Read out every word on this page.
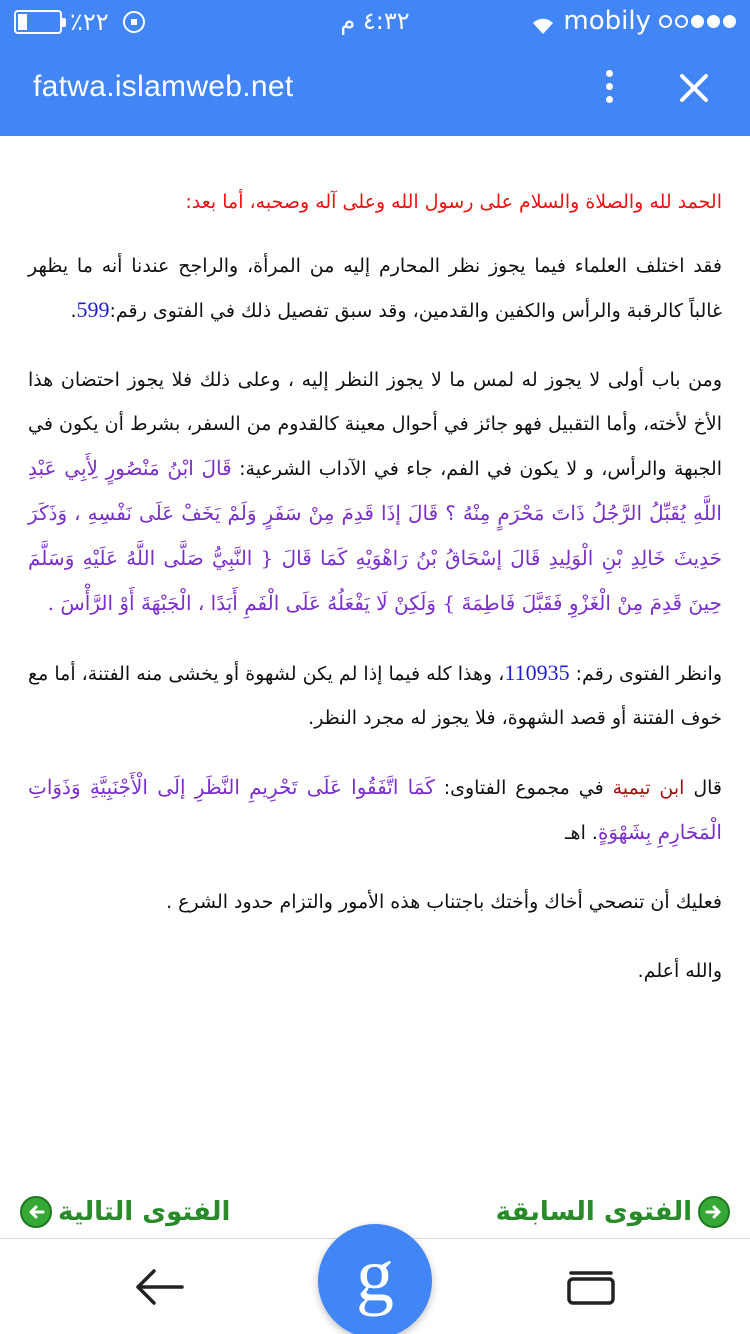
٪٢٢	٤:٣٢ م	mobily
fatwa.islamweb.net

الحمد لله والصلاة والسلام على رسول الله وعلى آله وصحبه، أما بعد:

فقد اختلف العلماء فيما يجوز نظر المحارم إليه من المرأة، والراجح عندنا أنه ما يظهر غالباً كالرقبة والرأس والكفين والقدمين، وقد سبق تفصيل ذلك في الفتوى رقم:599.

ومن باب أولى لا يجوز له لمس ما لا يجوز النظر إليه ، وعلى ذلك فلا يجوز احتضان هذا الأخ لأخته، وأما التقبيل فهو جائز في أحوال معينة كالقدوم من السفر، بشرط أن يكون في الجبهة والرأس، و لا يكون في الفم، جاء في الآداب الشرعية: قَالَ ابْنُ مَنْصُورٍ لِأَبِي عَبْدِ اللَّهِ يُقَبِّلُ الرَّجُلُ ذَاتَ مَحْرَمٍ مِنْهُ ؟ قَالَ إذَا قَدِمَ مِنْ سَفَرٍ وَلَمْ يَخَفْ عَلَى نَفْسِهِ ، وَذَكَرَ حَدِيثَ خَالِدِ بْنِ الْوَلِيدِ قَالَ إسْحَاقُ بْنُ رَاهْوَيْهِ كَمَا قَالَ { النَّبِيُّ صَلَّى اللَّهُ عَلَيْهِ وَسَلَّمَ حِينَ قَدِمَ مِنْ الْغَزْوِ فَقَبَّلَ فَاطِمَةَ } وَلَكِنْ لَا يَفْعَلُهُ عَلَى الْفَمِ أَبَدًا ، الْجَبْهَةَ أَوْ الرَّأْسَ .

وانظر الفتوى رقم: 110935، وهذا كله فيما إذا لم يكن لشهوة أو يخشى منه الفتنة، أما مع خوف الفتنة أو قصد الشهوة، فلا يجوز له مجرد النظر.

قال ابن تيمية في مجموع الفتاوى: كَمَا اتَّفَقُوا عَلَى تَحْرِيمِ النَّظَرِ إلَى الْأَجْنَبِيَّةِ وَذَوَاتِ الْمَحَارِمِ بِشَهْوَةٍ. اهـ

فعليك أن تنصحي أخاك وأختك باجتناب هذه الأمور والتزام حدود الشرع .

والله أعلم.

الفتوى السابقة
الفتوى التالية
g
